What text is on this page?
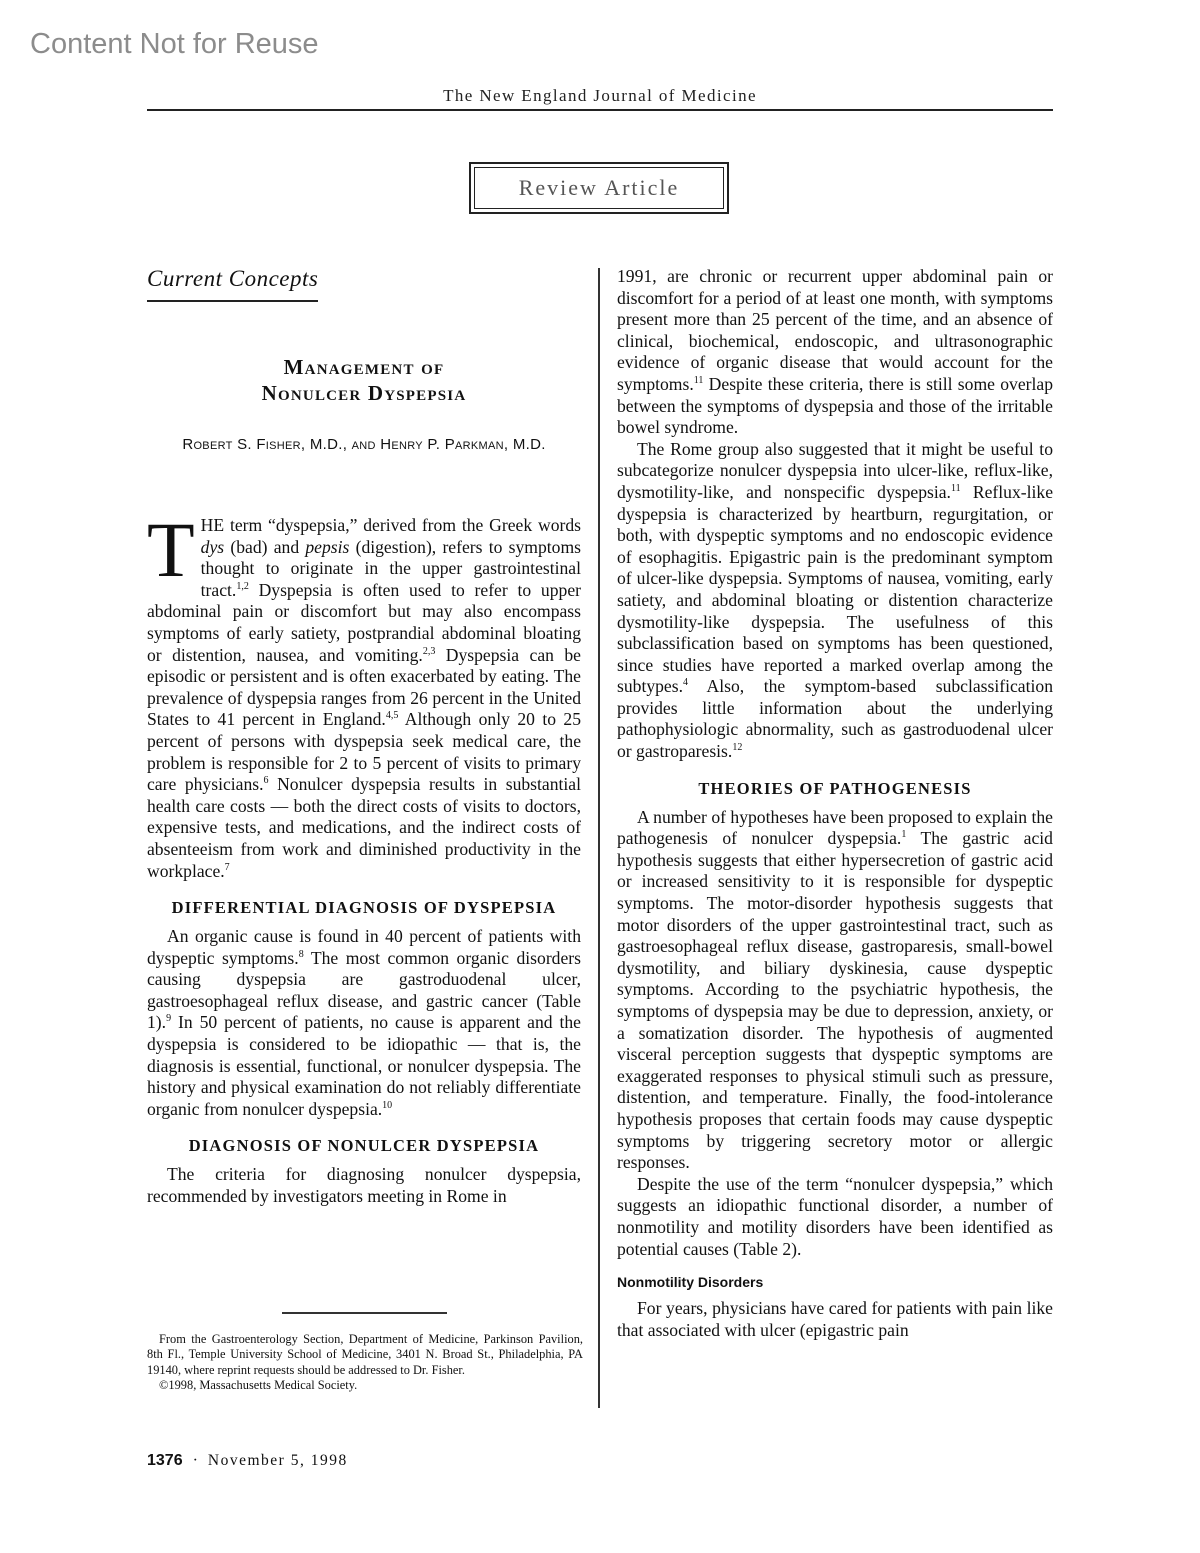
Content Not for Reuse
The New England Journal of Medicine
Review Article
Current Concepts
Management of
Nonulcer Dyspepsia
Robert S. Fisher, M.D., and Henry P. Parkman, M.D.

THE term “dyspepsia,” derived from the Greek words dys (bad) and pepsis (digestion), refers to symptoms thought to originate in the upper gastrointestinal tract.$^{1,2}$ Dyspepsia is often used to refer to upper abdominal pain or discomfort but may also encompass symptoms of early satiety, postprandial abdominal bloating or distention, nausea, and vomiting.$^{2,3}$ Dyspepsia can be episodic or persistent and is often exacerbated by eating. The prevalence of dyspepsia ranges from 26 percent in the United States to 41 percent in England.$^{4,5}$ Although only 20 to 25 percent of persons with dyspepsia seek medical care, the problem is responsible for 2 to 5 percent of visits to primary care physicians.$^6$ Nonulcer dyspepsia results in substantial health care costs — both the direct costs of visits to doctors, expensive tests, and medications, and the indirect costs of absenteeism from work and diminished productivity in the workplace.$^7$

DIFFERENTIAL DIAGNOSIS OF DYSPEPSIA

An organic cause is found in 40 percent of patients with dyspeptic symptoms.$^8$ The most common organic disorders causing dyspepsia are gastroduodenal ulcer, gastroesophageal reflux disease, and gastric cancer (Table 1).$^9$ In 50 percent of patients, no cause is apparent and the dyspepsia is considered to be idiopathic — that is, the diagnosis is essential, functional, or nonulcer dyspepsia. The history and physical examination do not reliably differentiate organic from nonulcer dyspepsia.$^{10}$

DIAGNOSIS OF NONULCER DYSPEPSIA

The criteria for diagnosing nonulcer dyspepsia, recommended by investigators meeting in Rome in

1991, are chronic or recurrent upper abdominal pain or discomfort for a period of at least one month, with symptoms present more than 25 percent of the time, and an absence of clinical, biochemical, endoscopic, and ultrasonographic evidence of organic disease that would account for the symptoms.$^{11}$ Despite these criteria, there is still some overlap between the symptoms of dyspepsia and those of the irritable bowel syndrome.

The Rome group also suggested that it might be useful to subcategorize nonulcer dyspepsia into ulcer-like, reflux-like, dysmotility-like, and nonspecific dyspepsia.$^{11}$ Reflux-like dyspepsia is characterized by heartburn, regurgitation, or both, with dyspeptic symptoms and no endoscopic evidence of esophagitis. Epigastric pain is the predominant symptom of ulcer-like dyspepsia. Symptoms of nausea, vomiting, early satiety, and abdominal bloating or distention characterize dysmotility-like dyspepsia. The usefulness of this subclassification based on symptoms has been questioned, since studies have reported a marked overlap among the subtypes.$^4$ Also, the symptom-based subclassification provides little information about the underlying pathophysiologic abnormality, such as gastroduodenal ulcer or gastroparesis.$^{12}$

THEORIES OF PATHOGENESIS

A number of hypotheses have been proposed to explain the pathogenesis of nonulcer dyspepsia.$^1$ The gastric acid hypothesis suggests that either hypersecretion of gastric acid or increased sensitivity to it is responsible for dyspeptic symptoms. The motor-disorder hypothesis suggests that motor disorders of the upper gastrointestinal tract, such as gastroesophageal reflux disease, gastroparesis, small-bowel dysmotility, and biliary dyskinesia, cause dyspeptic symptoms. According to the psychiatric hypothesis, the symptoms of dyspepsia may be due to depression, anxiety, or a somatization disorder. The hypothesis of augmented visceral perception suggests that dyspeptic symptoms are exaggerated responses to physical stimuli such as pressure, distention, and temperature. Finally, the food-intolerance hypothesis proposes that certain foods may cause dyspeptic symptoms by triggering secretory motor or allergic responses.

Despite the use of the term “nonulcer dyspepsia,” which suggests an idiopathic functional disorder, a number of nonmotility and motility disorders have been identified as potential causes (Table 2).

Nonmotility Disorders

For years, physicians have cared for patients with pain like that associated with ulcer (epigastric pain

From the Gastroenterology Section, Department of Medicine, Parkinson Pavilion, 8th Fl., Temple University School of Medicine, 3401 N. Broad St., Philadelphia, PA 19140, where reprint requests should be addressed to Dr. Fisher.
©1998, Massachusetts Medical Society.
1376 · November 5, 1998
